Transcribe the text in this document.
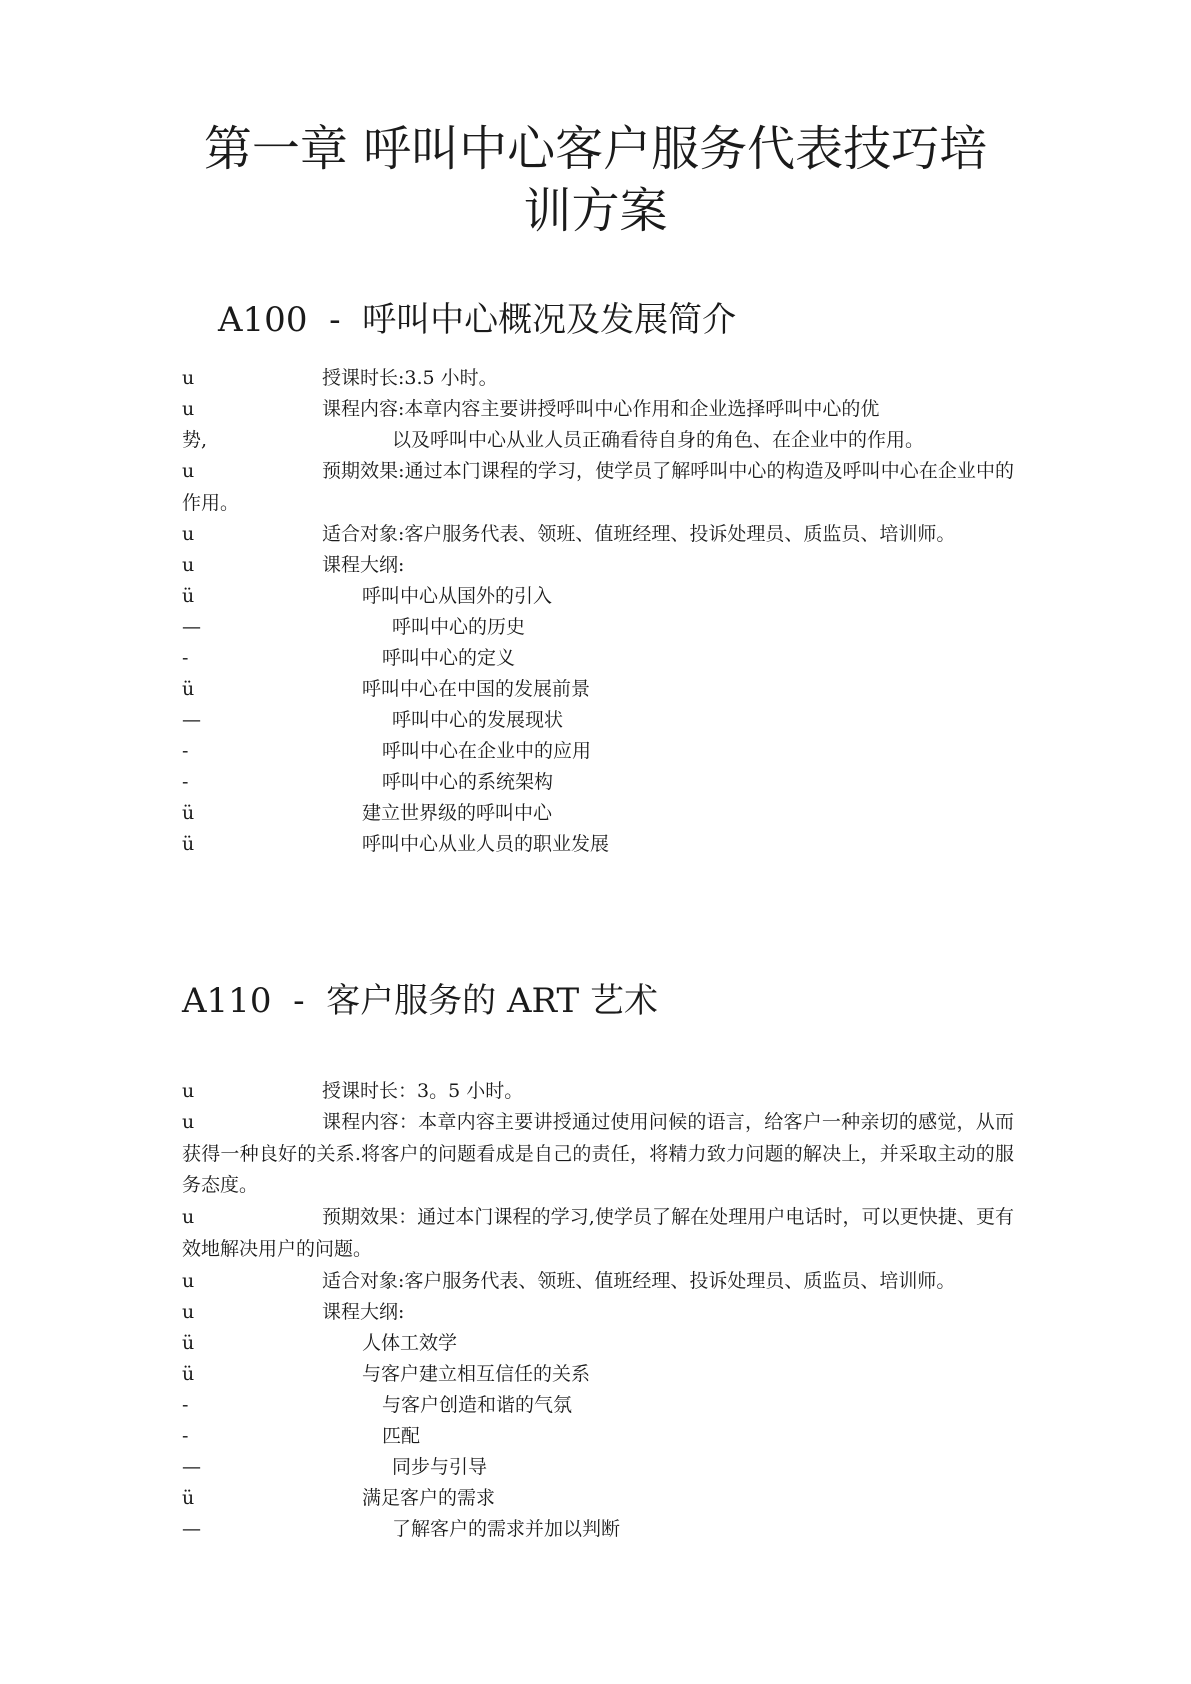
第一章 呼叫中心客户服务代表技巧培
训方案
A100  -  呼叫中心概况及发展简介
u	授课时长:3.5 小时。
u	课程内容:本章内容主要讲授呼叫中心作用和企业选择呼叫中心的优
势,	以及呼叫中心从业人员正确看待自身的角色、在企业中的作用。
u	预期效果:通过本门课程的学习，使学员了解呼叫中心的构造及呼叫中心在企业中的作用。
u	适合对象:客户服务代表、领班、值班经理、投诉处理员、质监员、培训师。
u	课程大纲:
ü	呼叫中心从国外的引入
—	呼叫中心的历史
-	呼叫中心的定义
ü	呼叫中心在中国的发展前景
—	呼叫中心的发展现状
-	呼叫中心在企业中的应用
-	呼叫中心的系统架构
ü	建立世界级的呼叫中心
ü	呼叫中心从业人员的职业发展
A110  -  客户服务的 ART 艺术
u	授课时长：3。5 小时。
u	课程内容：本章内容主要讲授通过使用问候的语言，给客户一种亲切的感觉，从而获得一种良好的关系.将客户的问题看成是自己的责任，将精力致力问题的解决上，并采取主动的服务态度。
u	预期效果：通过本门课程的学习,使学员了解在处理用户电话时，可以更快捷、更有效地解决用户的问题。
u	适合对象:客户服务代表、领班、值班经理、投诉处理员、质监员、培训师。
u	课程大纲:
ü	人体工效学
ü	与客户建立相互信任的关系
-	与客户创造和谐的气氛
-	匹配
—	同步与引导
ü	满足客户的需求
—	了解客户的需求并加以判断
